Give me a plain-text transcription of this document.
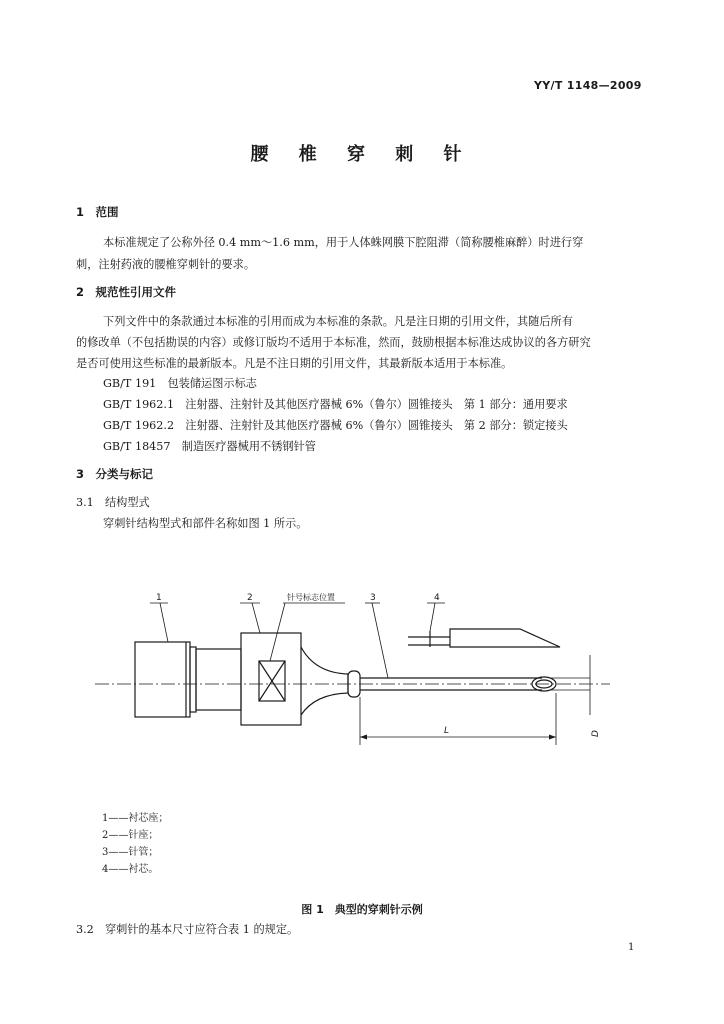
YY/T 1148—2009
腰 椎 穿 刺 针
1　范围
本标准规定了公称外径 0.4 mm～1.6 mm，用于人体蛛网膜下腔阻滞（简称腰椎麻醉）时进行穿
刺，注射药液的腰椎穿刺针的要求。
2　规范性引用文件
下列文件中的条款通过本标准的引用而成为本标准的条款。凡是注日期的引用文件，其随后所有
的修改单（不包括勘误的内容）或修订版均不适用于本标准，然而，鼓励根据本标准达成协议的各方研究
是否可使用这些标准的最新版本。凡是不注日期的引用文件，其最新版本适用于本标准。
GB/T 191　包装储运图示标志
GB/T 1962.1　注射器、注射针及其他医疗器械 6%（鲁尔）圆锥接头　第 1 部分：通用要求
GB/T 1962.2　注射器、注射针及其他医疗器械 6%（鲁尔）圆锥接头　第 2 部分：锁定接头
GB/T 18457　制造医疗器械用不锈钢针管
3　分类与标记
3.1　结构型式
穿刺针结构型式和部件名称如图 1 所示。
1	2	针号标志位置	3	4
L	D
1——衬芯座；
2——针座；
3——针管；
4——衬芯。
图 1　典型的穿刺针示例
3.2　穿刺针的基本尺寸应符合表 1 的规定。
1
